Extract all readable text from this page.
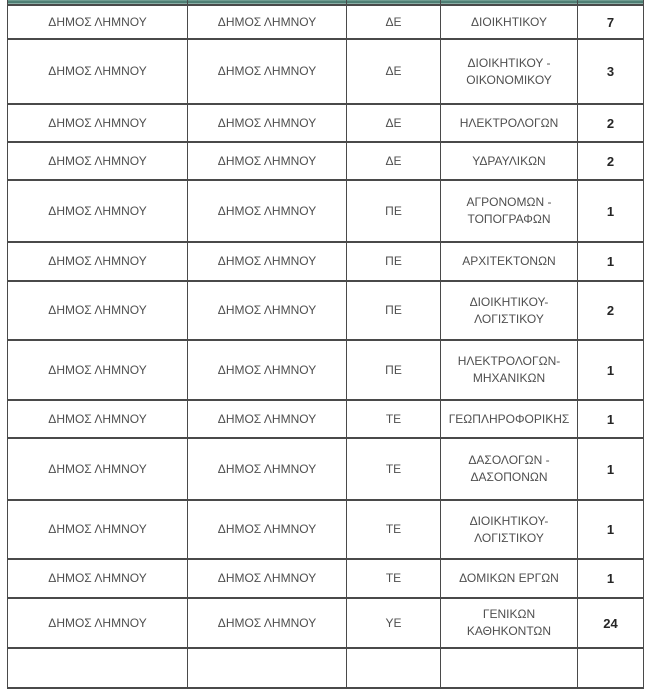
ΔΗΜΟΣ ΛΗΜΝΟΥ	ΔΗΜΟΣ ΛΗΜΝΟΥ	ΔΕ	ΔΙΟΙΚΗΤΙΚΟΥ	7
ΔΗΜΟΣ ΛΗΜΝΟΥ	ΔΗΜΟΣ ΛΗΜΝΟΥ	ΔΕ	ΔΙΟΙΚΗΤΙΚΟΥ - ΟΙΚΟΝΟΜΙΚΟΥ	3
ΔΗΜΟΣ ΛΗΜΝΟΥ	ΔΗΜΟΣ ΛΗΜΝΟΥ	ΔΕ	ΗΛΕΚΤΡΟΛΟΓΩΝ	2
ΔΗΜΟΣ ΛΗΜΝΟΥ	ΔΗΜΟΣ ΛΗΜΝΟΥ	ΔΕ	ΥΔΡΑΥΛΙΚΩΝ	2
ΔΗΜΟΣ ΛΗΜΝΟΥ	ΔΗΜΟΣ ΛΗΜΝΟΥ	ΠΕ	ΑΓΡΟΝΟΜΩΝ - ΤΟΠΟΓΡΑΦΩΝ	1
ΔΗΜΟΣ ΛΗΜΝΟΥ	ΔΗΜΟΣ ΛΗΜΝΟΥ	ΠΕ	ΑΡΧΙΤΕΚΤΟΝΩΝ	1
ΔΗΜΟΣ ΛΗΜΝΟΥ	ΔΗΜΟΣ ΛΗΜΝΟΥ	ΠΕ	ΔΙΟΙΚΗΤΙΚΟΥ- ΛΟΓΙΣΤΙΚΟΥ	2
ΔΗΜΟΣ ΛΗΜΝΟΥ	ΔΗΜΟΣ ΛΗΜΝΟΥ	ΠΕ	ΗΛΕΚΤΡΟΛΟΓΩΝ- ΜΗΧΑΝΙΚΩΝ	1
ΔΗΜΟΣ ΛΗΜΝΟΥ	ΔΗΜΟΣ ΛΗΜΝΟΥ	ΤΕ	ΓΕΩΠΛΗΡΟΦΟΡΙΚΗΣ	1
ΔΗΜΟΣ ΛΗΜΝΟΥ	ΔΗΜΟΣ ΛΗΜΝΟΥ	ΤΕ	ΔΑΣΟΛΟΓΩΝ - ΔΑΣΟΠΟΝΩΝ	1
ΔΗΜΟΣ ΛΗΜΝΟΥ	ΔΗΜΟΣ ΛΗΜΝΟΥ	ΤΕ	ΔΙΟΙΚΗΤΙΚΟΥ- ΛΟΓΙΣΤΙΚΟΥ	1
ΔΗΜΟΣ ΛΗΜΝΟΥ	ΔΗΜΟΣ ΛΗΜΝΟΥ	ΤΕ	ΔΟΜΙΚΩΝ ΕΡΓΩΝ	1
ΔΗΜΟΣ ΛΗΜΝΟΥ	ΔΗΜΟΣ ΛΗΜΝΟΥ	ΥΕ	ΓΕΝΙΚΩΝ ΚΑΘΗΚΟΝΤΩΝ	24
